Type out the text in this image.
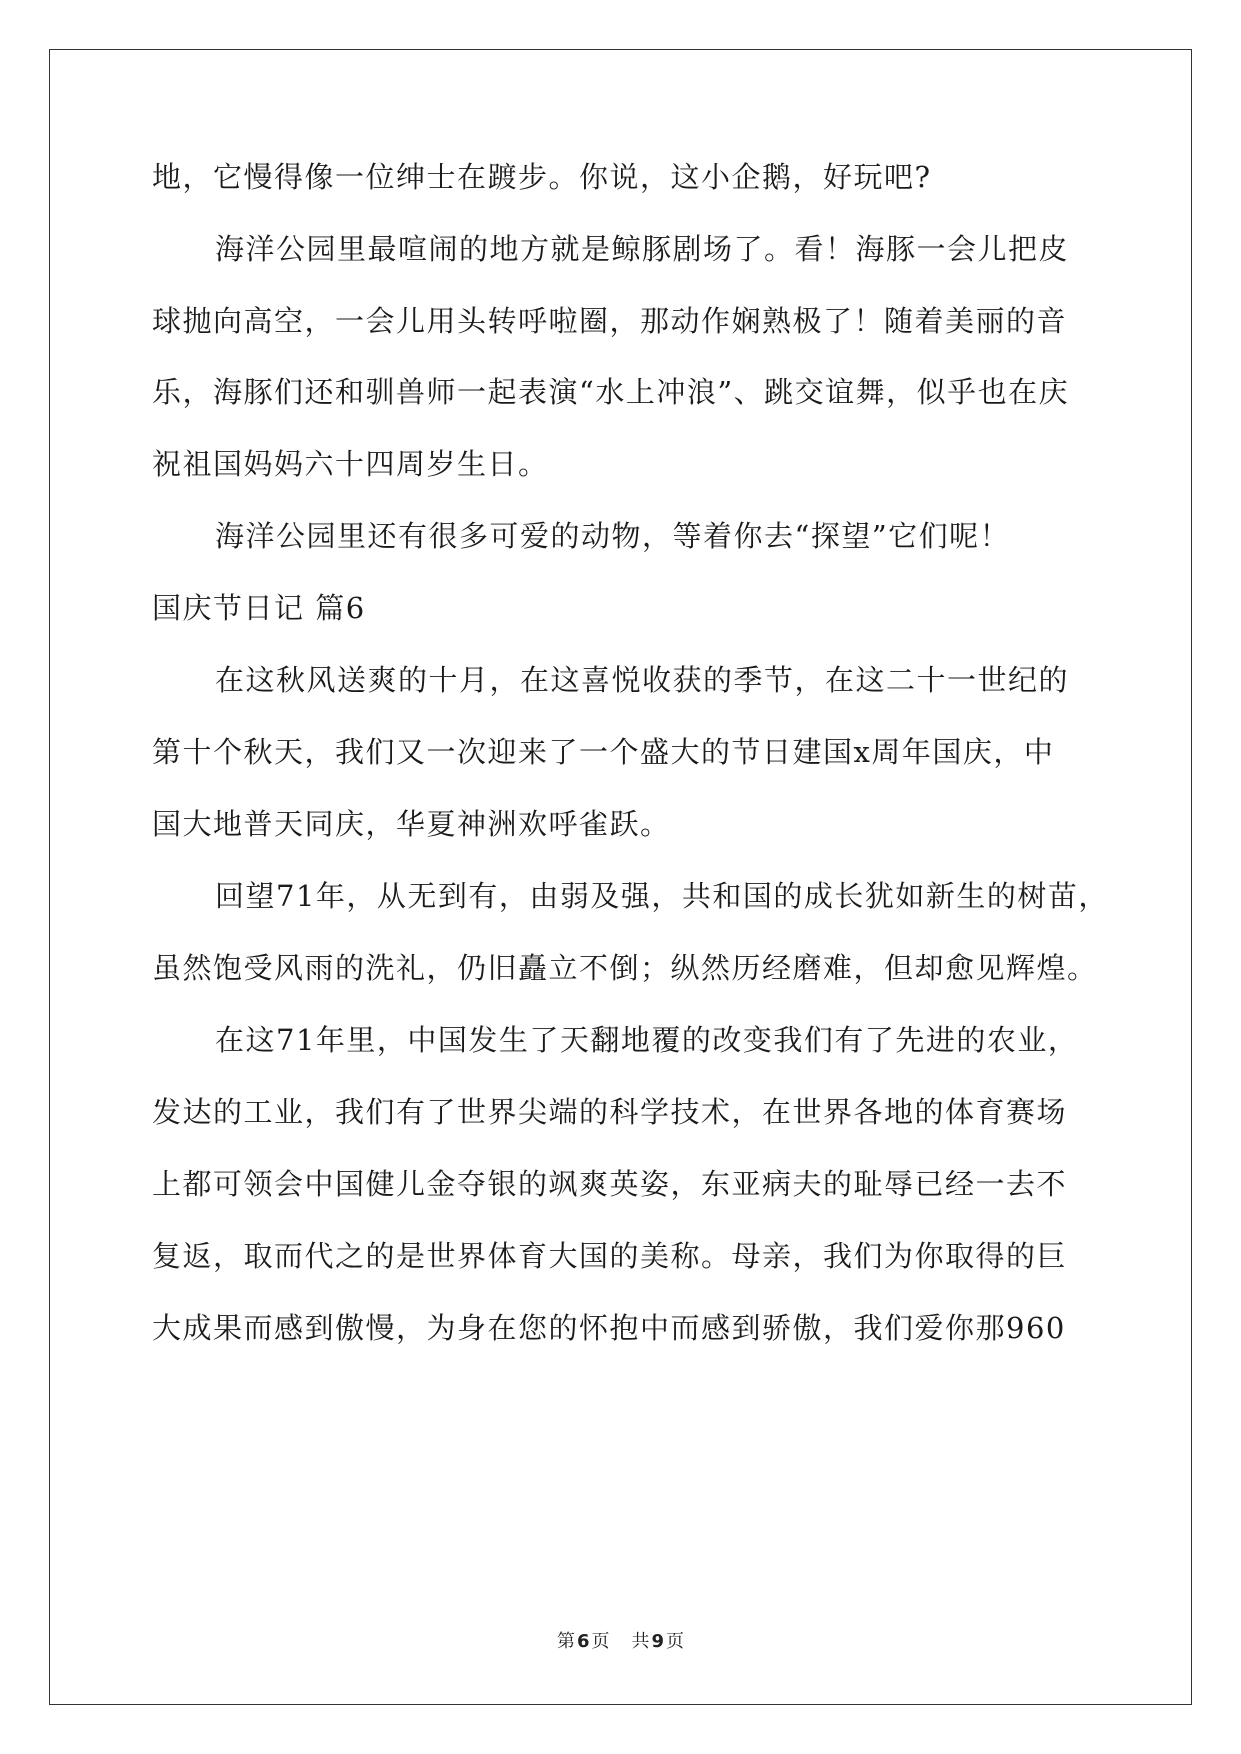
地，它慢得像一位绅士在踱步。你说，这小企鹅，好玩吧?
海洋公园里最喧闹的地方就是鲸豚剧场了。看！海豚一会儿把皮
球抛向高空，一会儿用头转呼啦圈，那动作娴熟极了！随着美丽的音
乐，海豚们还和驯兽师一起表演“水上冲浪”、跳交谊舞，似乎也在庆
祝祖国妈妈六十四周岁生日。
海洋公园里还有很多可爱的动物，等着你去“探望”它们呢！
国庆节日记 篇6
在这秋风送爽的十月，在这喜悦收获的季节，在这二十一世纪的
第十个秋天，我们又一次迎来了一个盛大的节日建国x周年国庆，中
国大地普天同庆，华夏神洲欢呼雀跃。
回望71年，从无到有，由弱及强，共和国的成长犹如新生的树苗，
虽然饱受风雨的洗礼，仍旧矗立不倒；纵然历经磨难，但却愈见辉煌。
在这71年里，中国发生了天翻地覆的改变我们有了先进的农业，
发达的工业，我们有了世界尖端的科学技术，在世界各地的体育赛场
上都可领会中国健儿金夺银的飒爽英姿，东亚病夫的耻辱已经一去不
复返，取而代之的是世界体育大国的美称。母亲，我们为你取得的巨
大成果而感到傲慢，为身在您的怀抱中而感到骄傲，我们爱你那960
第 6 页 共 9 页
